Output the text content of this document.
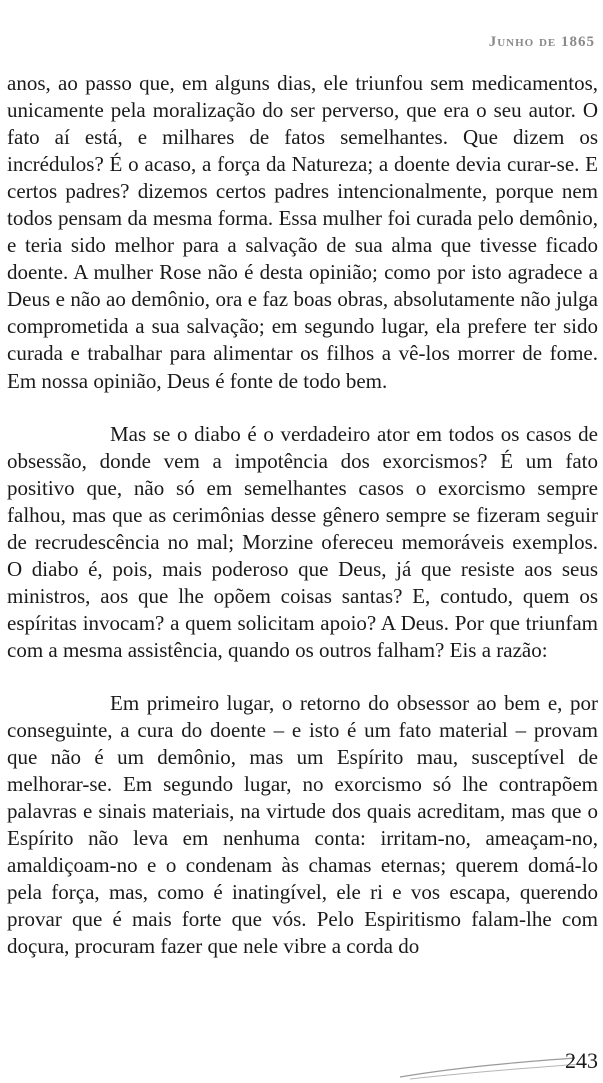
Junho de 1865

anos, ao passo que, em alguns dias, ele triunfou sem medicamentos, unicamente pela moralização do ser perverso, que era o seu autor. O fato aí está, e milhares de fatos semelhantes. Que dizem os incrédulos? É o acaso, a força da Natureza; a doente devia curar-se. E certos padres? dizemos certos padres intencionalmente, porque nem todos pensam da mesma forma. Essa mulher foi curada pelo demônio, e teria sido melhor para a salvação de sua alma que tivesse ficado doente. A mulher Rose não é desta opinião; como por isto agradece a Deus e não ao demônio, ora e faz boas obras, absolutamente não julga comprometida a sua salvação; em segundo lugar, ela prefere ter sido curada e trabalhar para alimentar os filhos a vê-los morrer de fome. Em nossa opinião, Deus é fonte de todo bem.

Mas se o diabo é o verdadeiro ator em todos os casos de obsessão, donde vem a impotência dos exorcismos? É um fato positivo que, não só em semelhantes casos o exorcismo sempre falhou, mas que as cerimônias desse gênero sempre se fizeram seguir de recrudescência no mal; Morzine ofereceu memoráveis exemplos. O diabo é, pois, mais poderoso que Deus, já que resiste aos seus ministros, aos que lhe opõem coisas santas? E, contudo, quem os espíritas invocam? a quem solicitam apoio? A Deus. Por que triunfam com a mesma assistência, quando os outros falham? Eis a razão:

Em primeiro lugar, o retorno do obsessor ao bem e, por conseguinte, a cura do doente – e isto é um fato material – provam que não é um demônio, mas um Espírito mau, susceptível de melhorar-se. Em segundo lugar, no exorcismo só lhe contrapõem palavras e sinais materiais, na virtude dos quais acreditam, mas que o Espírito não leva em nenhuma conta: irritam-no, ameaçam-no, amaldiçoam-no e o condenam às chamas eternas; querem domá-lo pela força, mas, como é inatingível, ele ri e vos escapa, querendo provar que é mais forte que vós. Pelo Espiritismo falam-lhe com doçura, procuram fazer que nele vibre a corda do

243
